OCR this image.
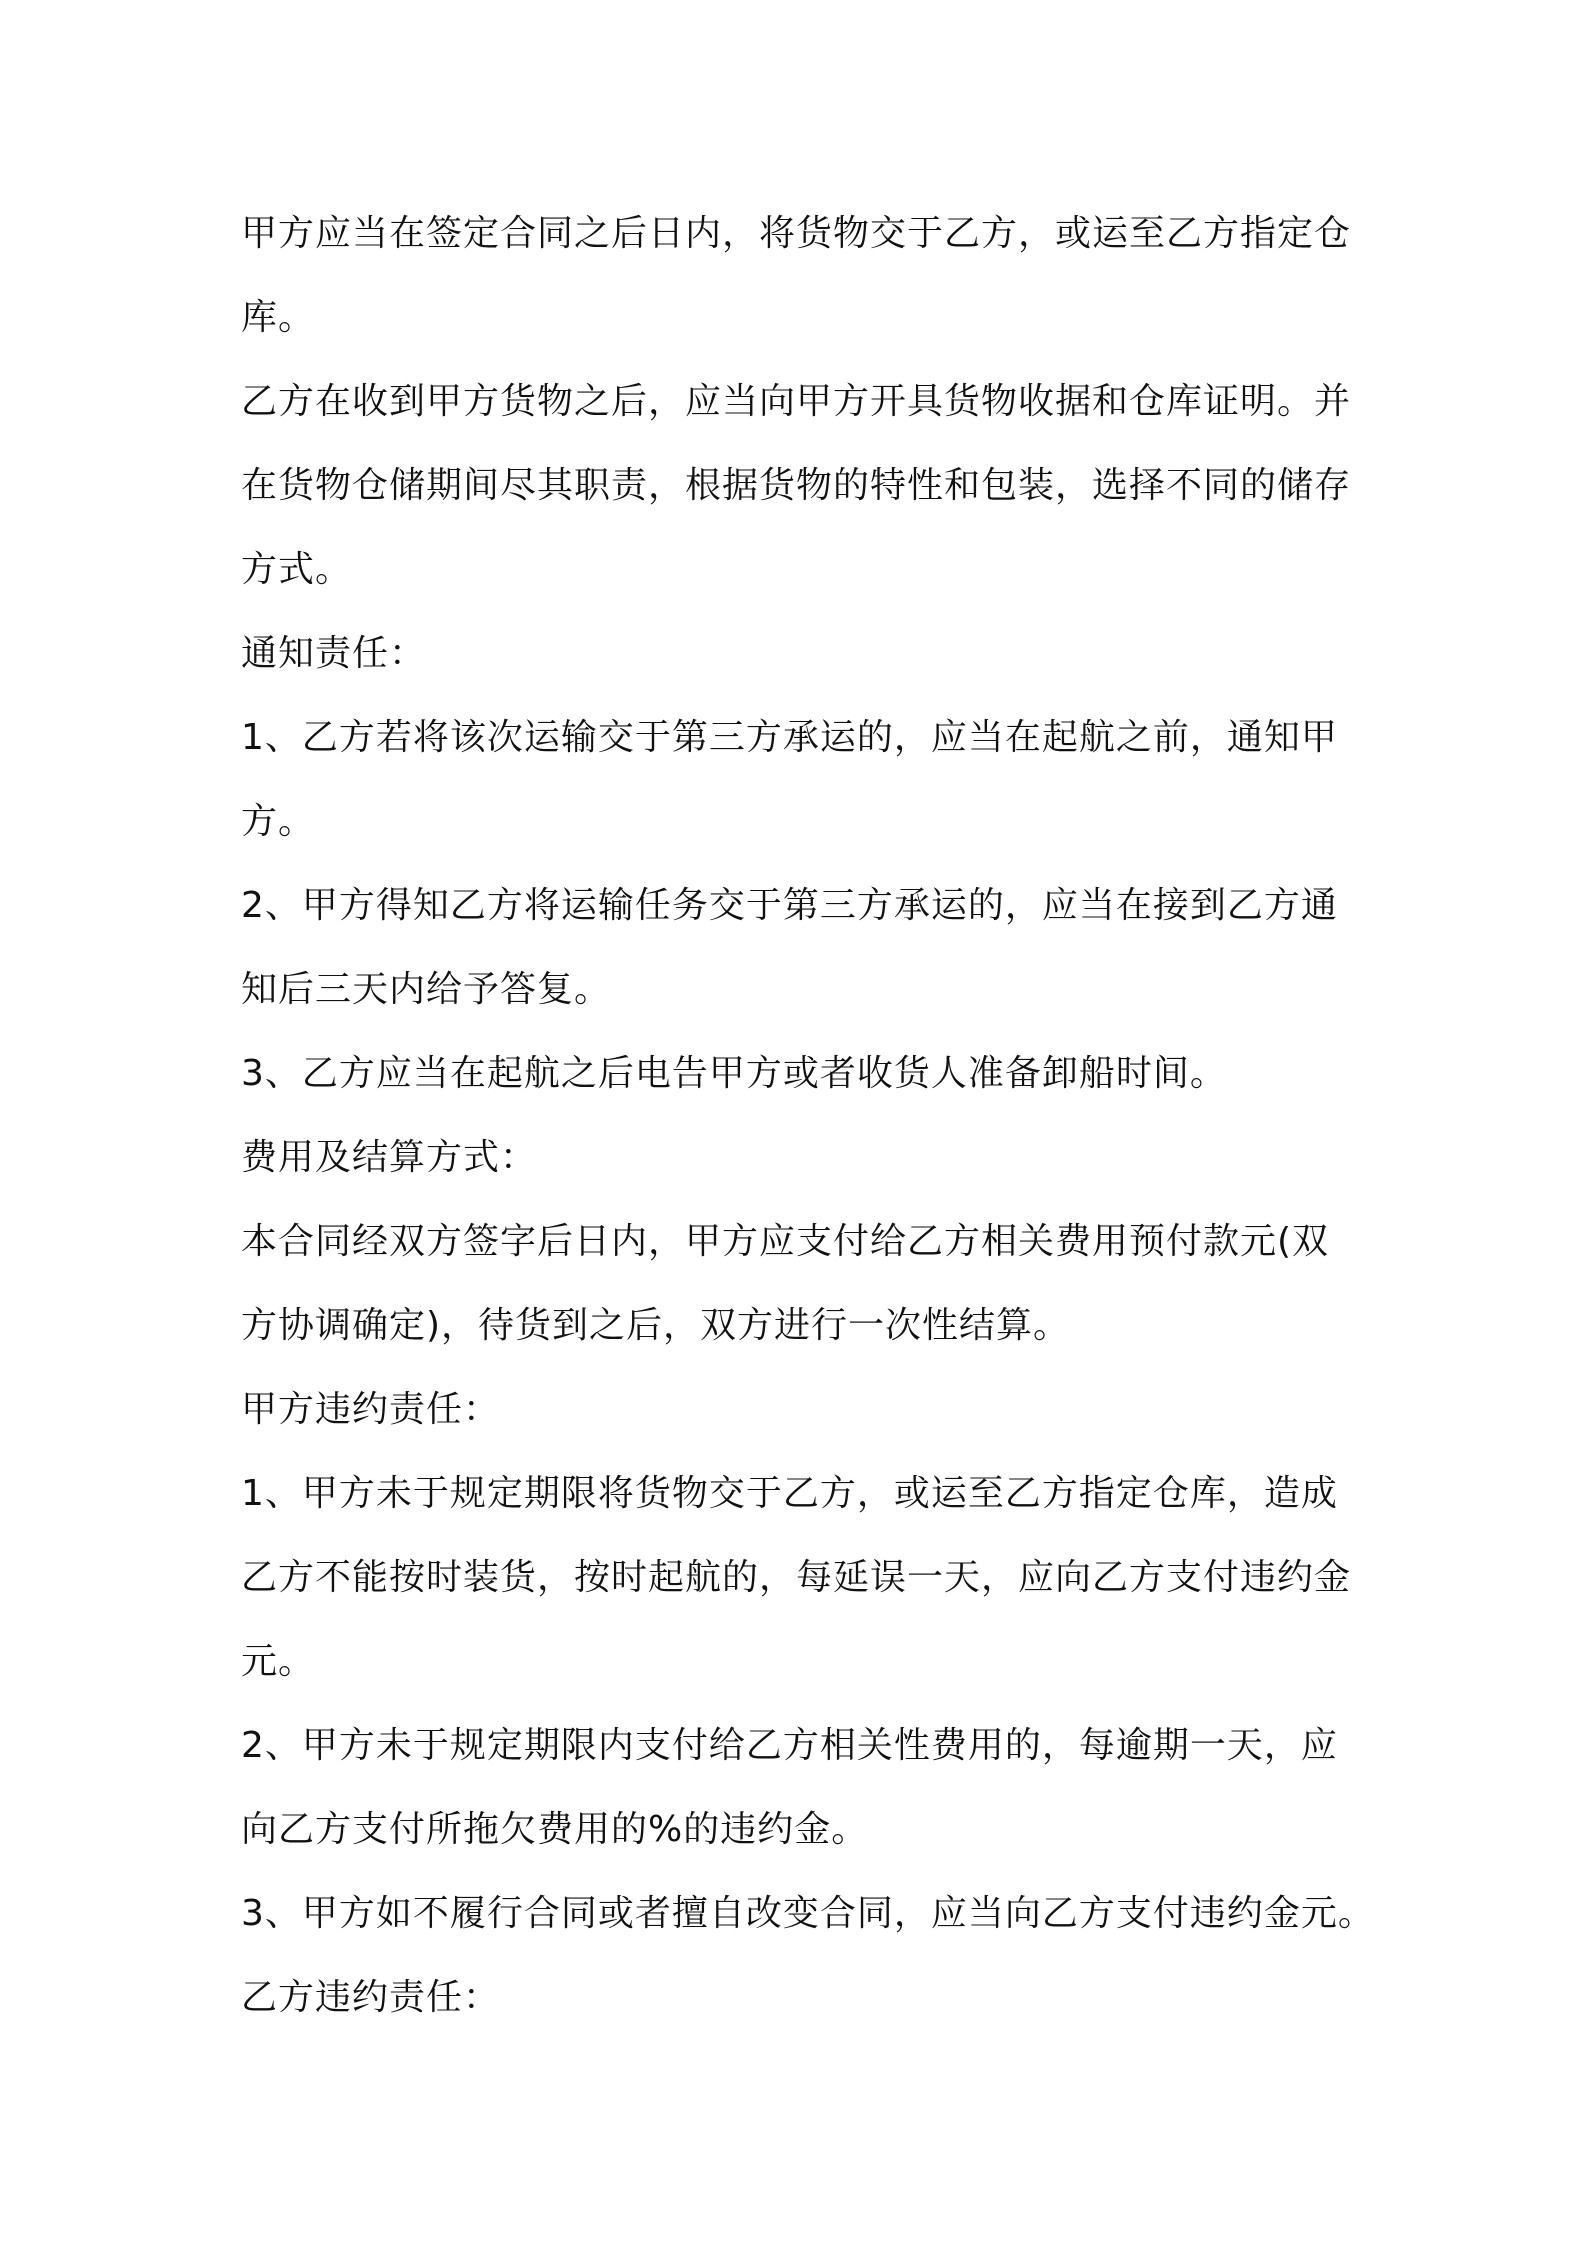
甲方应当在签定合同之后日内，将货物交于乙方，或运至乙方指定仓

库。

乙方在收到甲方货物之后，应当向甲方开具货物收据和仓库证明。并

在货物仓储期间尽其职责，根据货物的特性和包装，选择不同的储存

方式。

通知责任：

1、乙方若将该次运输交于第三方承运的，应当在起航之前，通知甲

方。

2、甲方得知乙方将运输任务交于第三方承运的，应当在接到乙方通

知后三天内给予答复。

3、乙方应当在起航之后电告甲方或者收货人准备卸船时间。

费用及结算方式：

本合同经双方签字后日内，甲方应支付给乙方相关费用预付款元(双

方协调确定)，待货到之后，双方进行一次性结算。

甲方违约责任：

1、甲方未于规定期限将货物交于乙方，或运至乙方指定仓库，造成

乙方不能按时装货，按时起航的，每延误一天，应向乙方支付违约金

元。

2、甲方未于规定期限内支付给乙方相关性费用的，每逾期一天，应

向乙方支付所拖欠费用的%的违约金。

3、甲方如不履行合同或者擅自改变合同，应当向乙方支付违约金元。

乙方违约责任：
